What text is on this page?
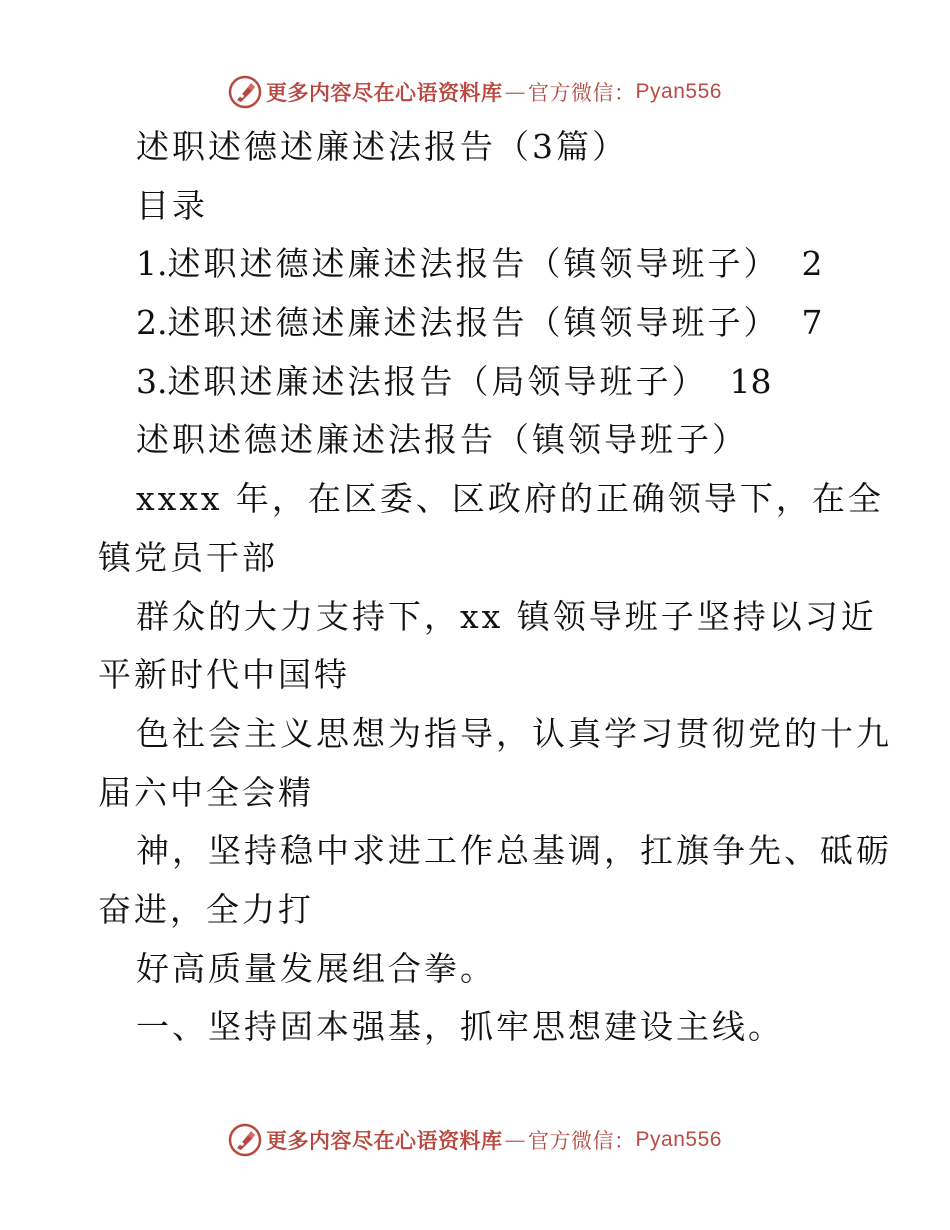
更多内容尽在心语资料库 — 官方微信： Pyan556
述职述德述廉述法报告（3篇）
目录
1.述职述德述廉述法报告（镇领导班子） 2
2.述职述德述廉述法报告（镇领导班子） 7
3.述职述廉述法报告（局领导班子） 18
述职述德述廉述法报告（镇领导班子）
xxxx 年，在区委、区政府的正确领导下，在全
镇党员干部
群众的大力支持下，xx 镇领导班子坚持以习近
平新时代中国特
色社会主义思想为指导，认真学习贯彻党的十九
届六中全会精
神，坚持稳中求进工作总基调，扛旗争先、砥砺
奋进，全力打
好高质量发展组合拳。
一、坚持固本强基，抓牢思想建设主线。
更多内容尽在心语资料库 — 官方微信： Pyan556
